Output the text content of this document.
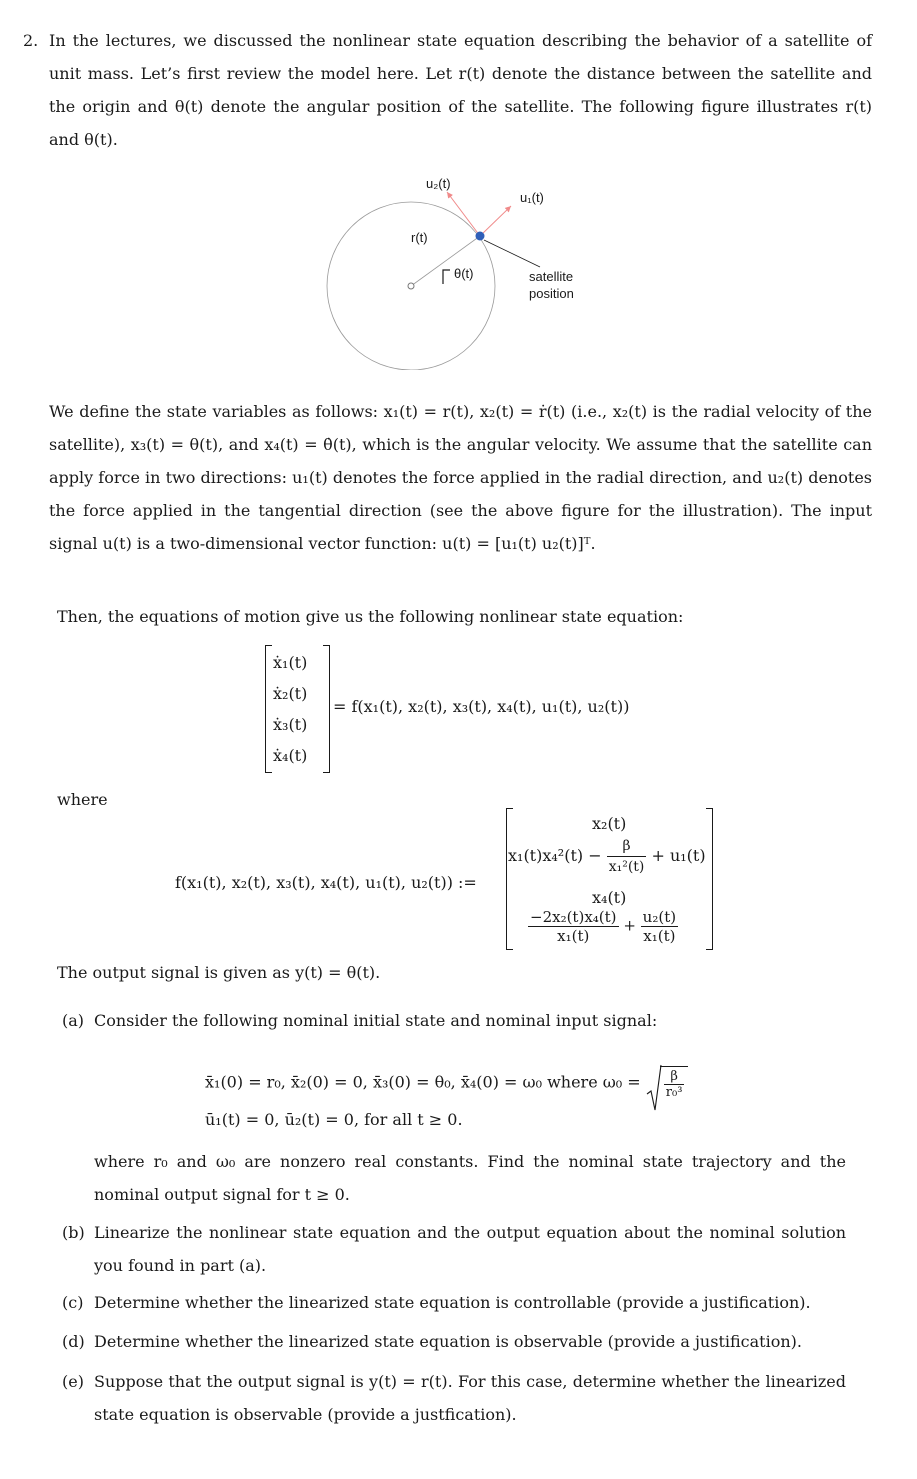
2. In the lectures, we discussed the nonlinear state equation describing the behavior of a satellite of unit mass. Let’s first review the model here. Let r(t) denote the distance between the satellite and the origin and θ(t) denote the angular position of the satellite. The following figure illustrates r(t) and θ(t).
u₂(t)
u₁(t)
r(t)
θ(t)	satellite
position
We define the state variables as follows: x₁(t) = r(t), x₂(t) = ṙ(t) (i.e., x₂(t) is the radial velocity of the satellite), x₃(t) = θ(t), and x₄(t) = θ̇(t), which is the angular velocity. We assume that the satellite can apply force in two directions: u₁(t) denotes the force applied in the radial direction, and u₂(t) denotes the force applied in the tangential direction (see the above figure for the illustration). The input signal u(t) is a two-dimensional vector function: u(t) = [u₁(t) u₂(t)]ᵀ.
Then, the equations of motion give us the following nonlinear state equation:
ẋ₁(t)
ẋ₂(t)
ẋ₃(t)
ẋ₄(t)
= f(x₁(t), x₂(t), x₃(t), x₄(t), u₁(t), u₂(t))
where
f(x₁(t), x₂(t), x₃(t), x₄(t), u₁(t), u₂(t)) :=
x₂(t)
$x_1(t)x_4^2(t) - \frac{\beta}{\text{x₁²(t)}} + u_1(t)$
x₄(t)
$\frac{\text{−2x₂(t)x₄(t)}}{\text{x₁(t)}} + \frac{\text{u₂(t)}}{\text{x₁(t)}}$
The output signal is given as y(t) = θ(t).
(a) Consider the following nominal initial state and nominal input signal:
x̄₁(0) = r₀, x̄₂(0) = 0, x̄₃(0) = θ₀, x̄₄(0) = ω₀ where $\omega_0 = \frac{\beta}{\text{r₀³}}$
ū₁(t) = 0, ū₂(t) = 0, for all t ≥ 0.
where r₀ and ω₀ are nonzero real constants. Find the nominal state trajectory and the nominal output signal for t ≥ 0.
(b) Linearize the nonlinear state equation and the output equation about the nominal solution you found in part (a).
(c) Determine whether the linearized state equation is controllable (provide a justification).
(d) Determine whether the linearized state equation is observable (provide a justification).
(e) Suppose that the output signal is y(t) = r(t). For this case, determine whether the linearized state equation is observable (provide a justfication).
